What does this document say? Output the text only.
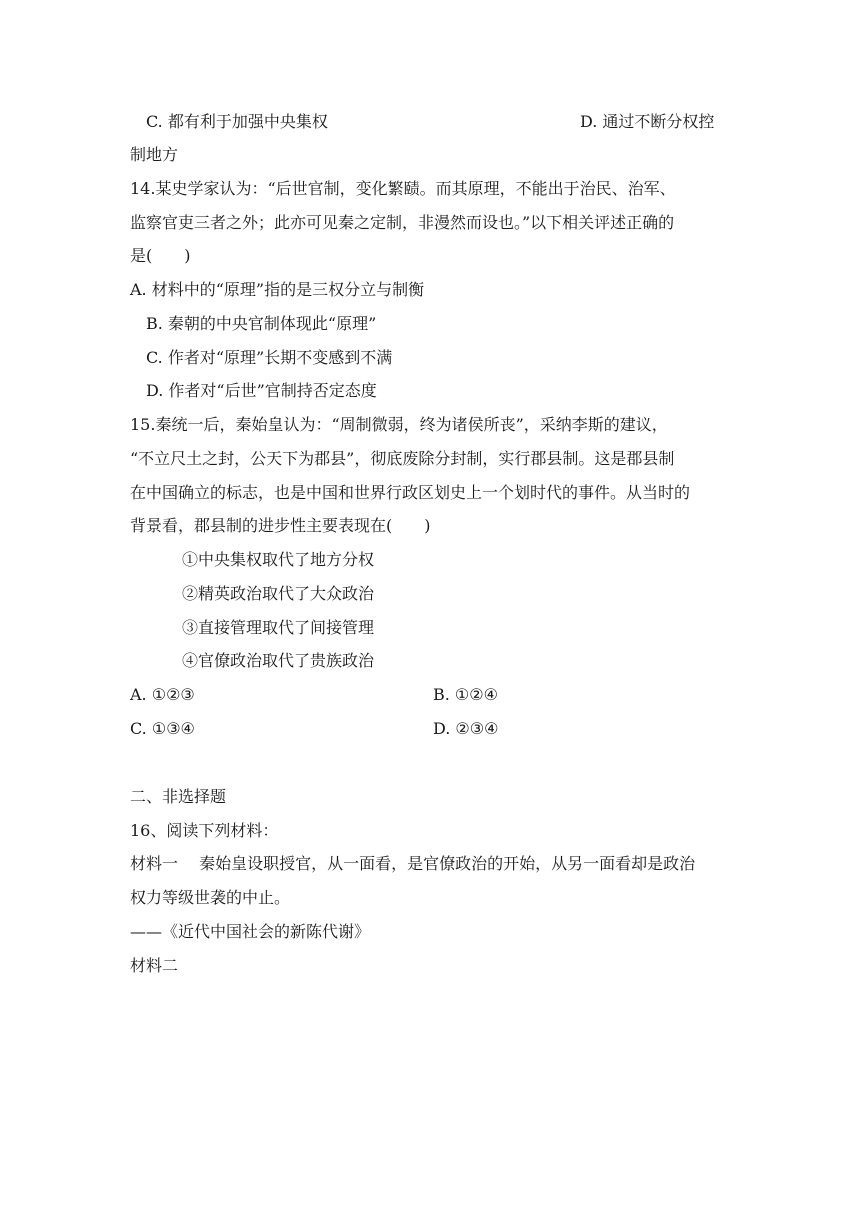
C. 都有利于加强中央集权	D. 通过不断分权控
制地方
14.某史学家认为：“后世官制，变化繁赜。而其原理，不能出于治民、治军、
监察官吏三者之外；此亦可见秦之定制，非漫然而设也。”以下相关评述正确的
是(　　)
A. 材料中的“原理”指的是三权分立与制衡
B. 秦朝的中央官制体现此“原理”
C. 作者对“原理”长期不变感到不满
D. 作者对“后世”官制持否定态度
15.秦统一后，秦始皇认为：“周制微弱，终为诸侯所丧”，采纳李斯的建议，
“不立尺土之封，公天下为郡县”，彻底废除分封制，实行郡县制。这是郡县制
在中国确立的标志，也是中国和世界行政区划史上一个划时代的事件。从当时的
背景看，郡县制的进步性主要表现在(　　)
①中央集权取代了地方分权
②精英政治取代了大众政治
③直接管理取代了间接管理
④官僚政治取代了贵族政治
A. ①②③	B. ①②④
C. ①③④	D. ②③④
二、非选择题
16、阅读下列材料：
材料一　 秦始皇设职授官，从一面看，是官僚政治的开始，从另一面看却是政治
权力等级世袭的中止。
——《近代中国社会的新陈代谢》
材料二
